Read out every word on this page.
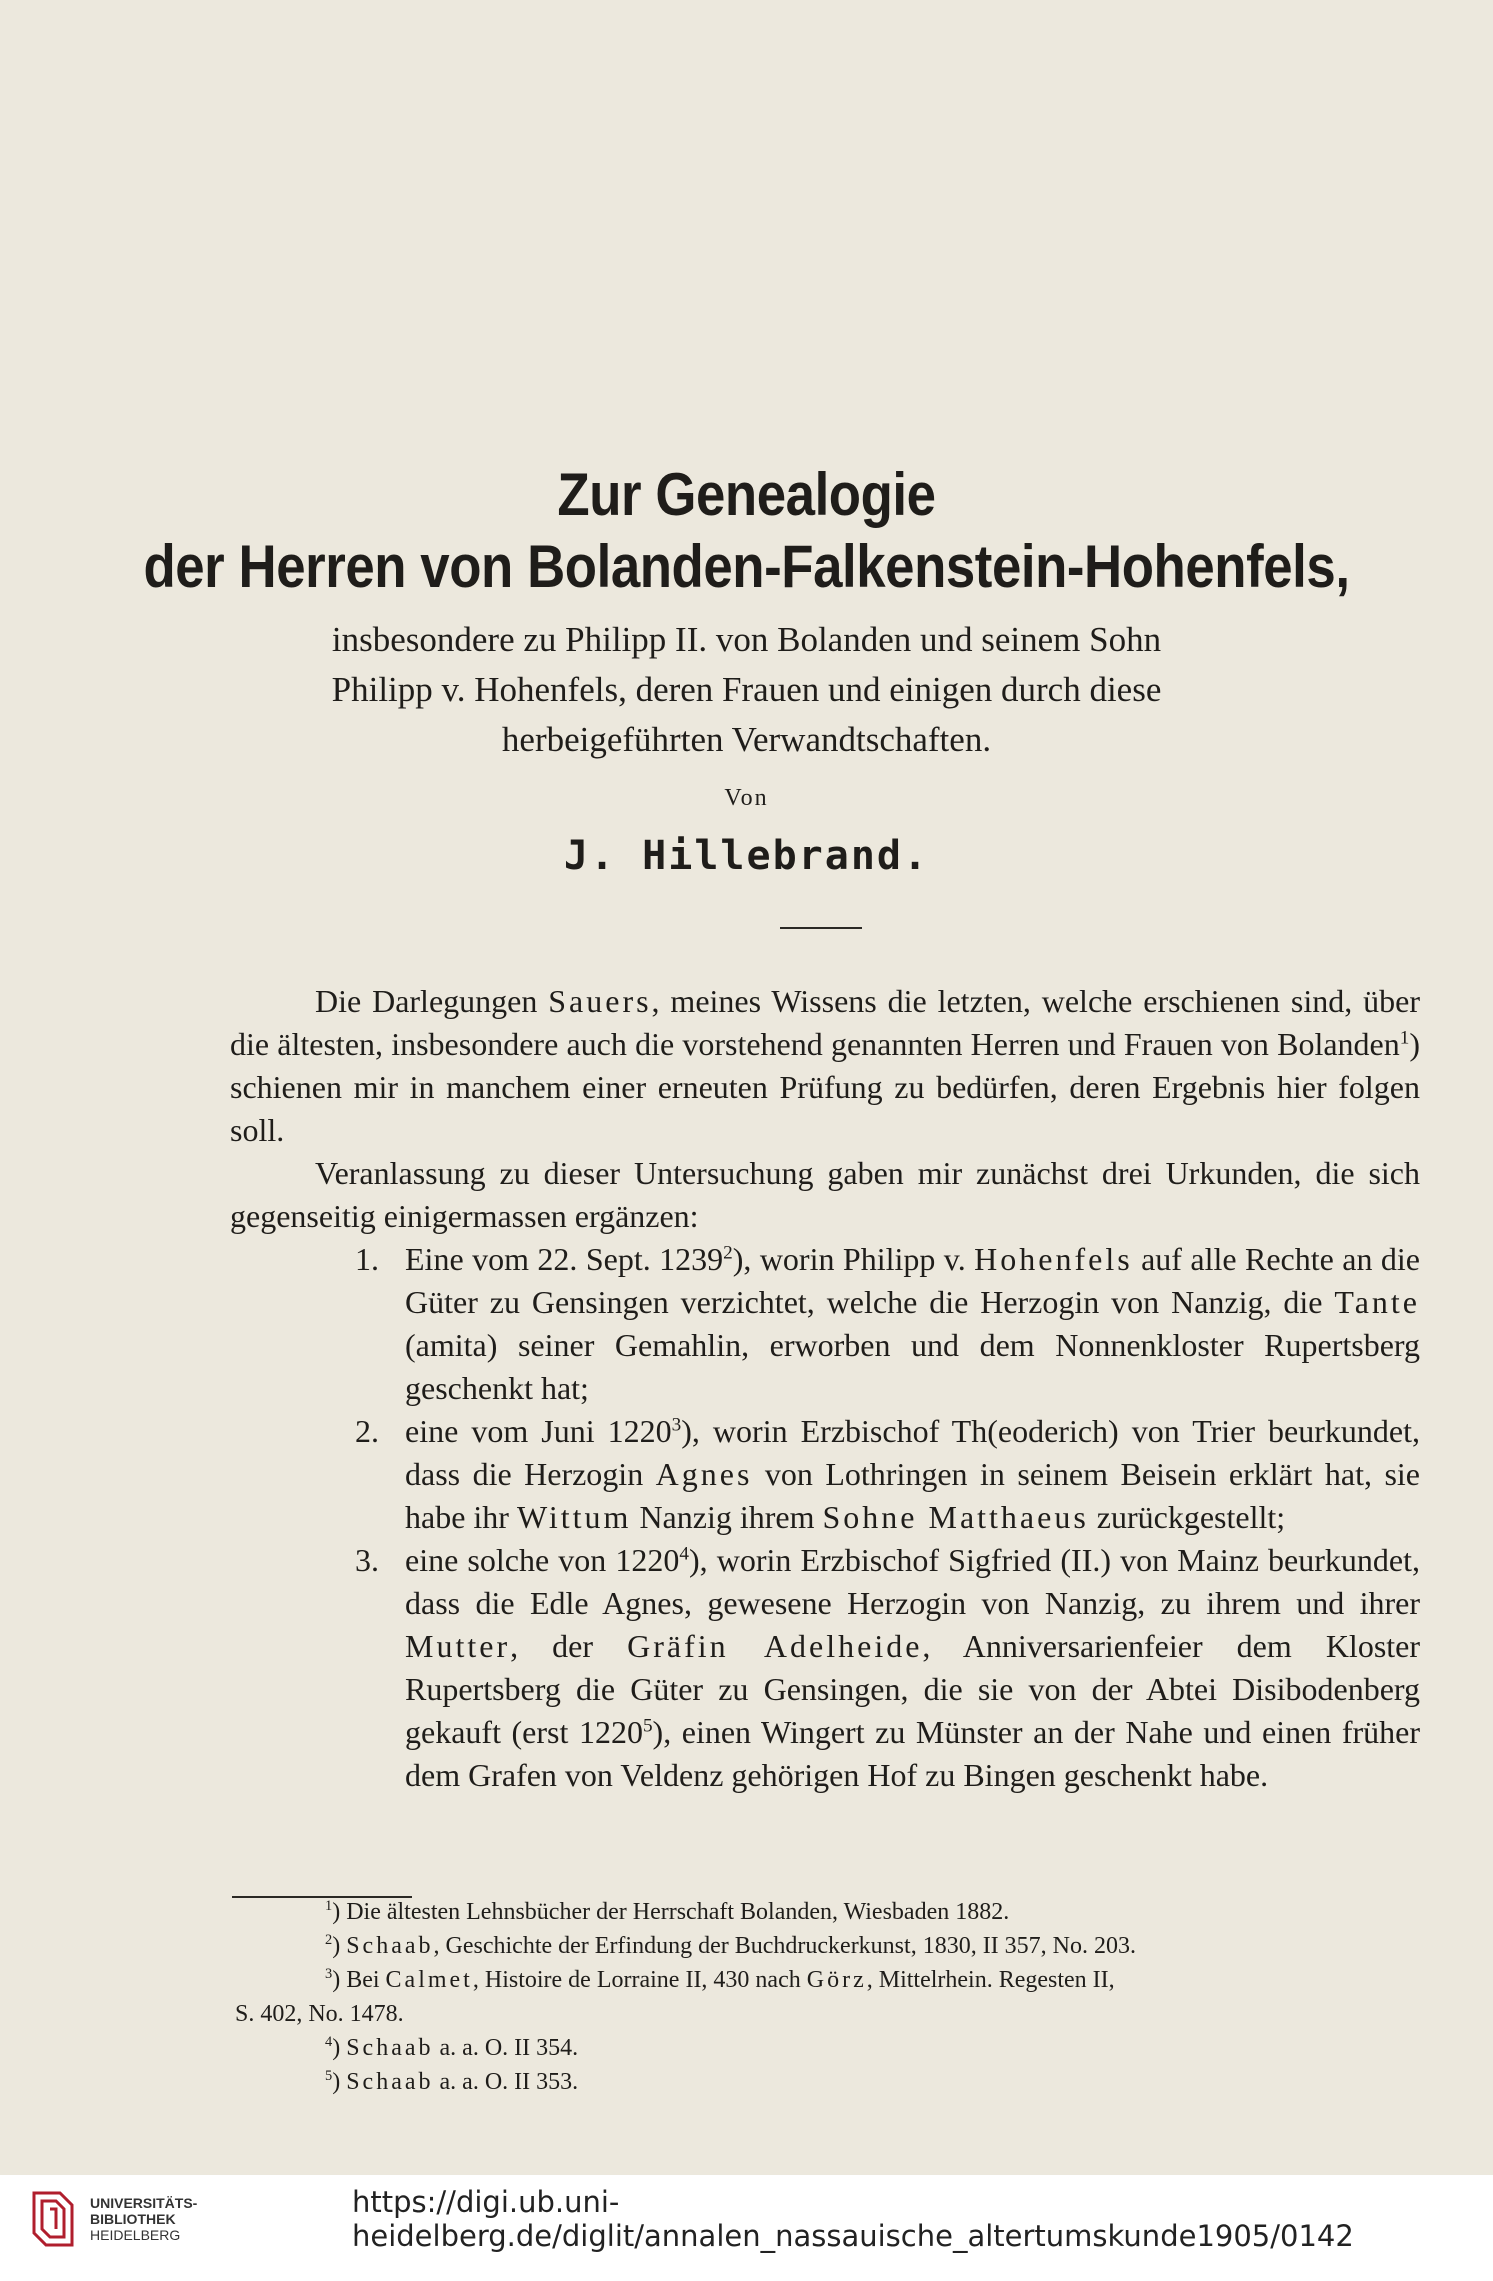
Zur Genealogie
der Herren von Bolanden-Falkenstein-Hohenfels,
insbesondere zu Philipp II. von Bolanden und seinem Sohn
Philipp v. Hohenfels, deren Frauen und einigen durch diese
herbeigeführten Verwandtschaften.
Von
J. Hillebrand.

Die Darlegungen Sauers, meines Wissens die letzten, welche erschienen sind, über die ältesten, insbesondere auch die vorstehend genannten Herren und Frauen von Bolanden$^1$) schienen mir in manchem einer erneuten Prüfung zu bedürfen, deren Ergebnis hier folgen soll.

Veranlassung zu dieser Untersuchung gaben mir zunächst drei Urkunden, die sich gegenseitig einigermassen ergänzen:

1. Eine vom 22. Sept. 1239$^2$), worin Philipp v. Hohenfels auf alle Rechte an die Güter zu Gensingen verzichtet, welche die Herzogin von Nanzig, die Tante (amita) seiner Gemahlin, erworben und dem Nonnenkloster Rupertsberg geschenkt hat;
2. eine vom Juni 1220$^3$), worin Erzbischof Th(eoderich) von Trier beurkundet, dass die Herzogin Agnes von Lothringen in seinem Beisein erklärt hat, sie habe ihr Wittum Nanzig ihrem Sohne Matthaeus zurückgestellt;
3. eine solche von 1220$^4$), worin Erzbischof Sigfried (II.) von Mainz beurkundet, dass die Edle Agnes, gewesene Herzogin von Nanzig, zu ihrem und ihrer Mutter, der Gräfin Adelheide, Anniversarienfeier dem Kloster Rupertsberg die Güter zu Gensingen, die sie von der Abtei Disibodenberg gekauft (erst 1220$^5$), einen Wingert zu Münster an der Nahe und einen früher dem Grafen von Veldenz gehörigen Hof zu Bingen geschenkt habe.
$^1$) Die ältesten Lehnsbücher der Herrschaft Bolanden, Wiesbaden 1882.
$^2$) Schaab, Geschichte der Erfindung der Buchdruckerkunst, 1830, II 357, No. 203.
$^3$) Bei Calmet, Histoire de Lorraine II, 430 nach Görz, Mittelrhein. Regesten II,
S. 402, No. 1478.
$^4$) Schaab a. a. O. II 354.
$^5$) Schaab a. a. O. II 353.
UNIVERSITÄTS-
BIBLIOTHEK
HEIDELBERG
https://digi.ub.uni-heidelberg.de/diglit/annalen_nassauische_altertumskunde1905/0142
